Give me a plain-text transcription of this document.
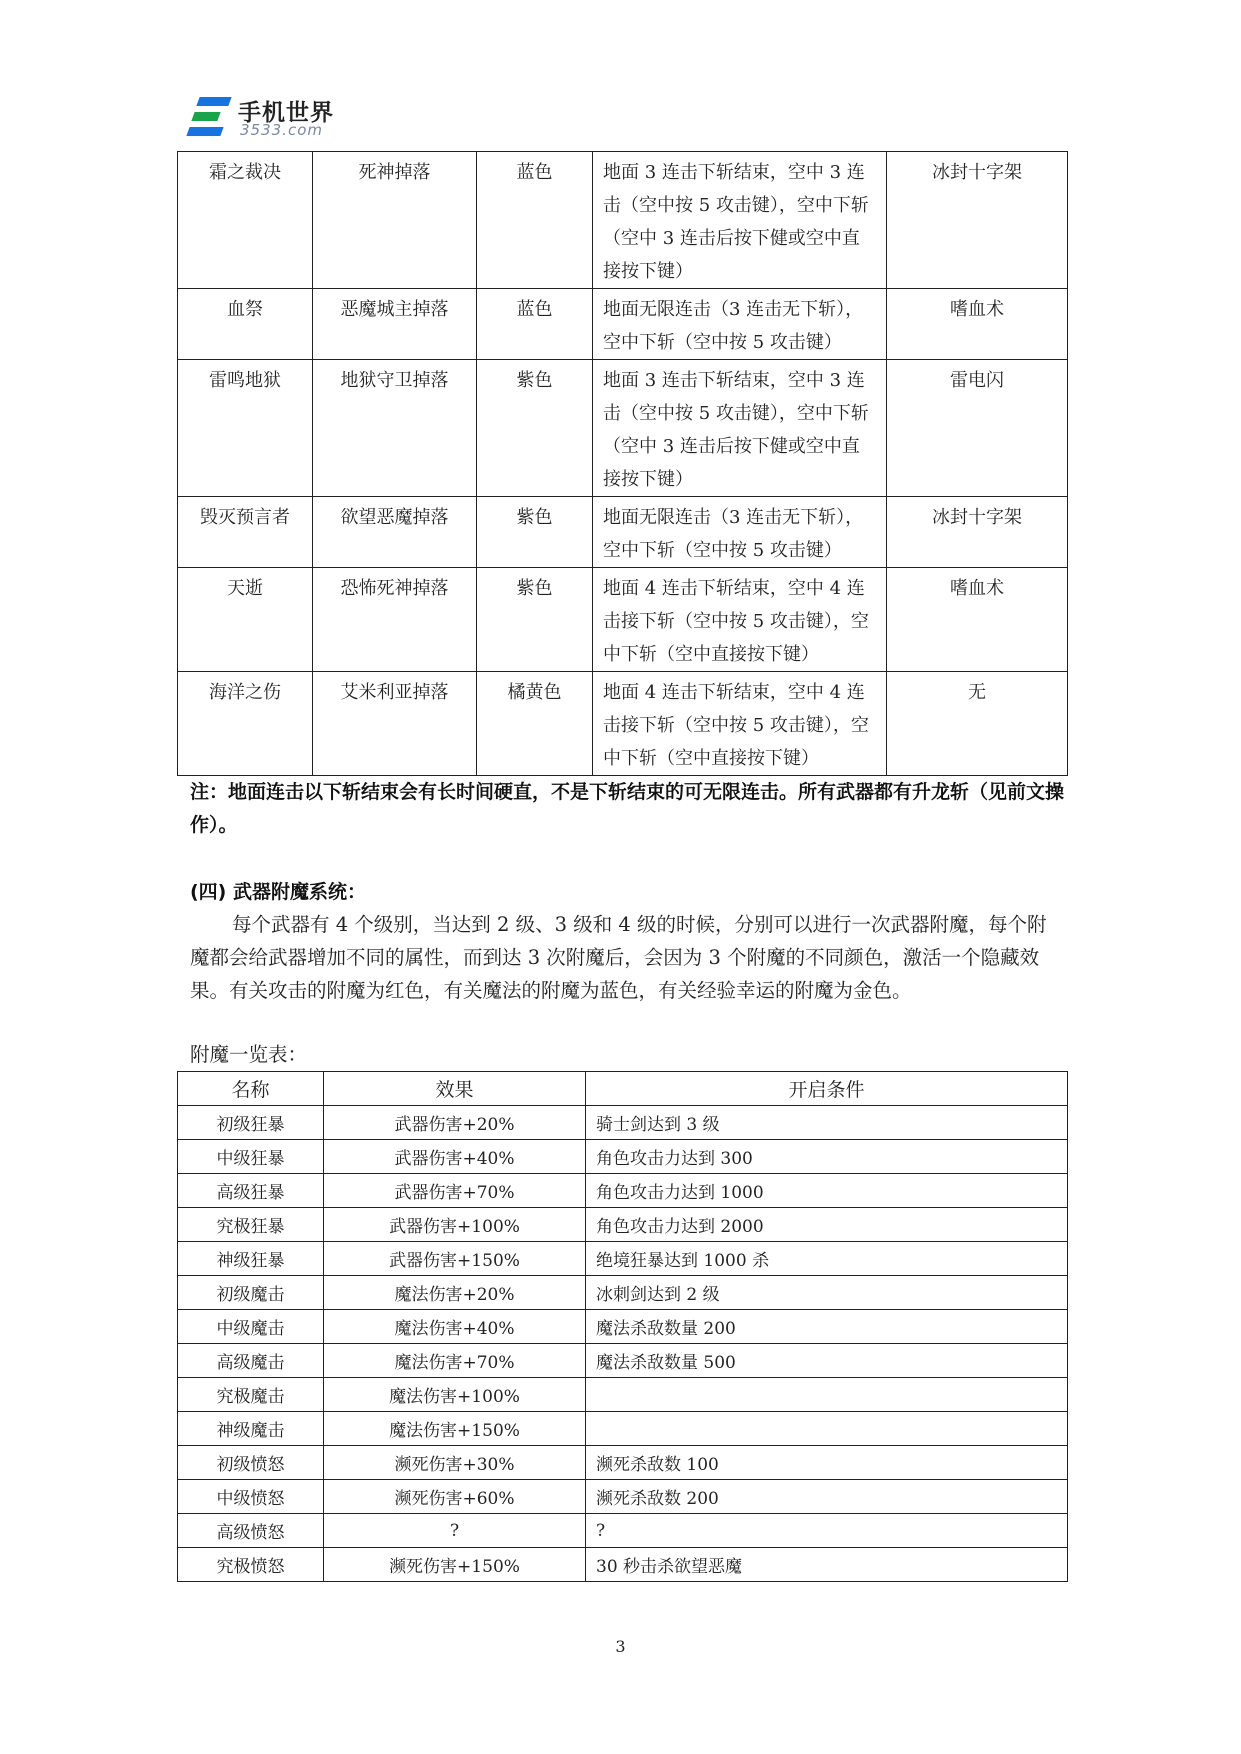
手机世界
3533.com
霜之裁决	死神掉落	蓝色	地面 3 连击下斩结束，空中 3 连击（空中按 5 攻击键），空中下斩（空中 3 连击后按下健或空中直接按下键）	冰封十字架
血祭	恶魔城主掉落	蓝色	地面无限连击（3 连击无下斩），空中下斩（空中按 5 攻击键）	嗜血术
雷鸣地狱	地狱守卫掉落	紫色	地面 3 连击下斩结束，空中 3 连击（空中按 5 攻击键），空中下斩（空中 3 连击后按下健或空中直接按下键）	雷电闪
毁灭预言者	欲望恶魔掉落	紫色	地面无限连击（3 连击无下斩），空中下斩（空中按 5 攻击键）	冰封十字架
天逝	恐怖死神掉落	紫色	地面 4 连击下斩结束，空中 4 连击接下斩（空中按 5 攻击键），空中下斩（空中直接按下键）	嗜血术
海洋之伤	艾米利亚掉落	橘黄色	地面 4 连击下斩结束，空中 4 连击接下斩（空中按 5 攻击键），空中下斩（空中直接按下键）	无
注：地面连击以下斩结束会有长时间硬直，不是下斩结束的可无限连击。所有武器都有升龙斩（见前文操作）。
(四) 武器附魔系统：
每个武器有 4 个级别，当达到 2 级、3 级和 4 级的时候，分别可以进行一次武器附魔，每个附魔都会给武器增加不同的属性，而到达 3 次附魔后，会因为 3 个附魔的不同颜色，激活一个隐藏效果。有关攻击的附魔为红色，有关魔法的附魔为蓝色，有关经验幸运的附魔为金色。
附魔一览表：
名称	效果	开启条件
初级狂暴	武器伤害+20%	骑士剑达到 3 级
中级狂暴	武器伤害+40%	角色攻击力达到 300
高级狂暴	武器伤害+70%	角色攻击力达到 1000
究极狂暴	武器伤害+100%	角色攻击力达到 2000
神级狂暴	武器伤害+150%	绝境狂暴达到 1000 杀
初级魔击	魔法伤害+20%	冰刺剑达到 2 级
中级魔击	魔法伤害+40%	魔法杀敌数量 200
高级魔击	魔法伤害+70%	魔法杀敌数量 500
究极魔击	魔法伤害+100%	
神级魔击	魔法伤害+150%	
初级愤怒	濒死伤害+30%	濒死杀敌数 100
中级愤怒	濒死伤害+60%	濒死杀敌数 200
高级愤怒	?	?
究极愤怒	濒死伤害+150%	30 秒击杀欲望恶魔
3
